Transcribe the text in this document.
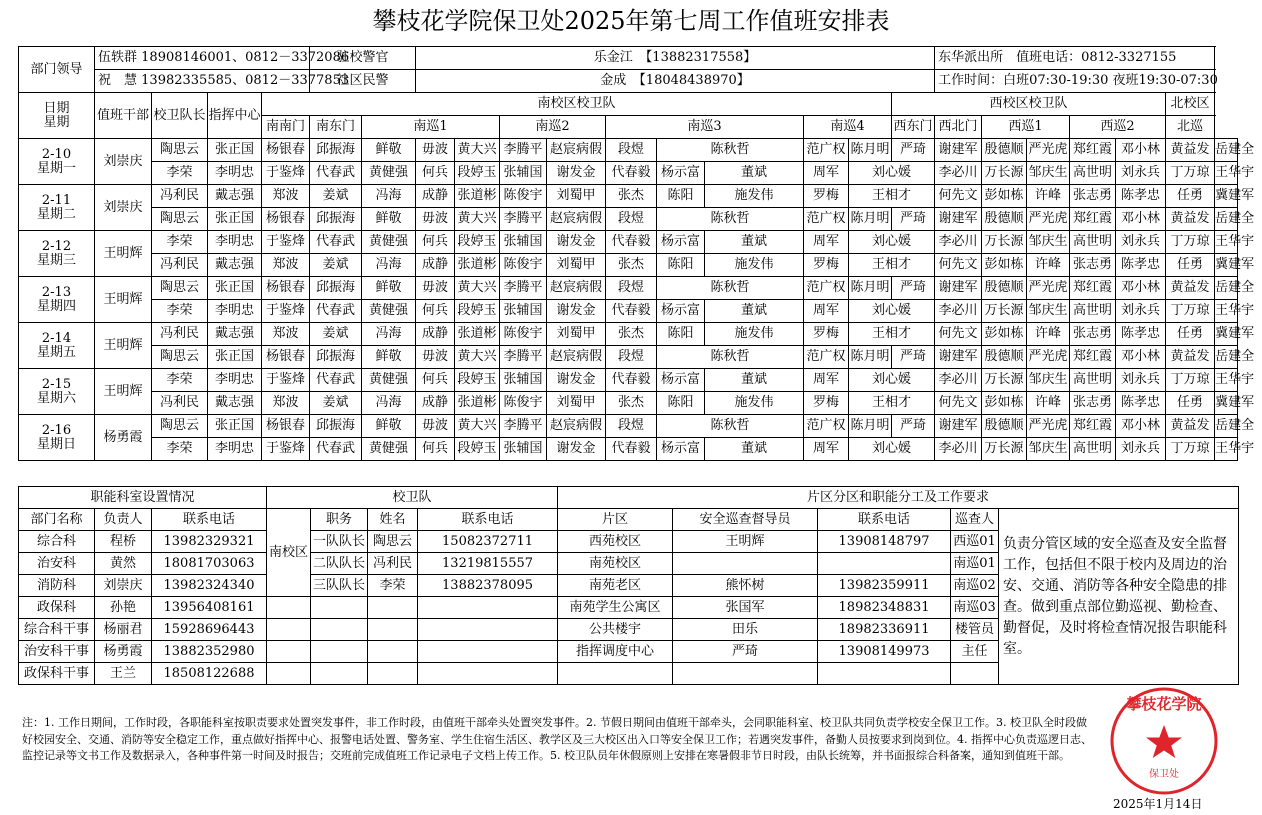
攀枝花学院保卫处2025年第七周工作值班安排表
部门领导	伍轶群 18908146001、0812－3372086				驻校警官		乐金江　【13882317558】										东华派出所　值班电话：0812-3327155						
	祝　慧 13982335585、0812－3377853				社区民警		金成　【18048438970】										工作时间：白班07:30-19:30 夜班19:30-07:30						
日期
星期	值班干部	校卫队长	指挥中心	南校区校卫队												西校区校卫队						北校区	
				南南门	南东门	南巡1			南巡2		南巡3			南巡4		西东门	西北门	西巡1		西巡2		北巡	
2-10
星期一	刘崇庆	陶思云	张正国	杨银春	邱振海	鲜敬	毋波	黄大兴	李腾平	赵宸病假	段煜	陈秋哲		范广权	陈月明	严琦	谢建军	殷德顺	严光虎	郑红霞	邓小林	黄益发	岳建全
		李荣	李明忠	于鉴烽	代春武	黄健强	何兵	段婷玉	张辅国	谢发金	代春毅	杨示富	董斌	周军	刘心媛		李必川	万长源	邹庆生	高世明	刘永兵	丁万琼	王华宇
2-11
星期二	刘崇庆	冯利民	戴志强	郑波	姜斌	冯海	成静	张道彬	陈俊宇	刘蜀甲	张杰	陈阳	施发伟	罗梅	王相才		何先文	彭如栋	许峰	张志勇	陈孝忠	任勇	冀建军
		陶思云	张正国	杨银春	邱振海	鲜敬	毋波	黄大兴	李腾平	赵宸病假	段煜	陈秋哲		范广权	陈月明	严琦	谢建军	殷德顺	严光虎	郑红霞	邓小林	黄益发	岳建全
2-12
星期三	王明辉	李荣	李明忠	于鉴烽	代春武	黄健强	何兵	段婷玉	张辅国	谢发金	代春毅	杨示富	董斌	周军	刘心媛		李必川	万长源	邹庆生	高世明	刘永兵	丁万琼	王华宇
		冯利民	戴志强	郑波	姜斌	冯海	成静	张道彬	陈俊宇	刘蜀甲	张杰	陈阳	施发伟	罗梅	王相才		何先文	彭如栋	许峰	张志勇	陈孝忠	任勇	冀建军
2-13
星期四	王明辉	陶思云	张正国	杨银春	邱振海	鲜敬	毋波	黄大兴	李腾平	赵宸病假	段煜	陈秋哲		范广权	陈月明	严琦	谢建军	殷德顺	严光虎	郑红霞	邓小林	黄益发	岳建全
		李荣	李明忠	于鉴烽	代春武	黄健强	何兵	段婷玉	张辅国	谢发金	代春毅	杨示富	董斌	周军	刘心媛		李必川	万长源	邹庆生	高世明	刘永兵	丁万琼	王华宇
2-14
星期五	王明辉	冯利民	戴志强	郑波	姜斌	冯海	成静	张道彬	陈俊宇	刘蜀甲	张杰	陈阳	施发伟	罗梅	王相才		何先文	彭如栋	许峰	张志勇	陈孝忠	任勇	冀建军
		陶思云	张正国	杨银春	邱振海	鲜敬	毋波	黄大兴	李腾平	赵宸病假	段煜	陈秋哲		范广权	陈月明	严琦	谢建军	殷德顺	严光虎	郑红霞	邓小林	黄益发	岳建全
2-15
星期六	王明辉	李荣	李明忠	于鉴烽	代春武	黄健强	何兵	段婷玉	张辅国	谢发金	代春毅	杨示富	董斌	周军	刘心媛		李必川	万长源	邹庆生	高世明	刘永兵	丁万琼	王华宇
		冯利民	戴志强	郑波	姜斌	冯海	成静	张道彬	陈俊宇	刘蜀甲	张杰	陈阳	施发伟	罗梅	王相才		何先文	彭如栋	许峰	张志勇	陈孝忠	任勇	冀建军
2-16
星期日	杨勇霞	陶思云	张正国	杨银春	邱振海	鲜敬	毋波	黄大兴	李腾平	赵宸病假	段煜	陈秋哲		范广权	陈月明	严琦	谢建军	殷德顺	严光虎	郑红霞	邓小林	黄益发	岳建全
		李荣	李明忠	于鉴烽	代春武	黄健强	何兵	段婷玉	张辅国	谢发金	代春毅	杨示富	董斌	周军	刘心媛		李必川	万长源	邹庆生	高世明	刘永兵	丁万琼	王华宇
职能科室设置情况			校卫队				片区分区和职能分工及工作要求				
部门名称	负责人	联系电话	南校区	职务	姓名	联系电话	片区	安全巡查督导员	联系电话	巡查人	负责分管区域的安全巡查及安全监督工作，包括但不限于校内及周边的治安、交通、消防等各种安全隐患的排查。做到重点部位勤巡视、勤检查、勤督促，及时将检查情况报告职能科室。
综合科	程桥	13982329321		一队队长	陶思云	15082372711	西苑校区	王明辉	13908148797	西巡01	
治安科	黄然	18081703063		二队队长	冯利民	13219815557	南苑校区			南巡01	
消防科	刘崇庆	13982324340		三队队长	李荣	13882378095	南苑老区	熊怀树	13982359911	南巡02	
政保科	孙艳	13956408161					南苑学生公寓区	张国军	18982348831	南巡03	
综合科干事	杨丽君	15928696443					公共楼宇	田乐	18982336911	楼管员	
治安科干事	杨勇霞	13882352980					指挥调度中心	严琦	13908149973	主任	
政保科干事	王兰	18508122688									
注：1. 工作日期间，工作时段，各职能科室按职责要求处置突发事件，非工作时段，由值班干部牵头处置突发事件。2. 节假日期间由值班干部牵头，会同职能科室、校卫队共同负责学校安全保卫工作。3. 校卫队全时段做好校园安全、交通、消防等安全稳定工作，重点做好指挥中心、报警电话处置、警务室、学生住宿生活区、教学区及三大校区出入口等安全保卫工作；若遇突发事件，备勤人员按要求到岗到位。4. 指挥中心负责巡逻日志、监控记录等文书工作及数据录入，各种事件第一时间及时报告；交班前完成值班工作记录电子文档上传工作。5. 校卫队员年休假原则上安排在寒暑假非节日时段，由队长统筹，并书面报综合科备案，通知到值班干部。
攀枝花学院
保卫处
2025年1月14日
